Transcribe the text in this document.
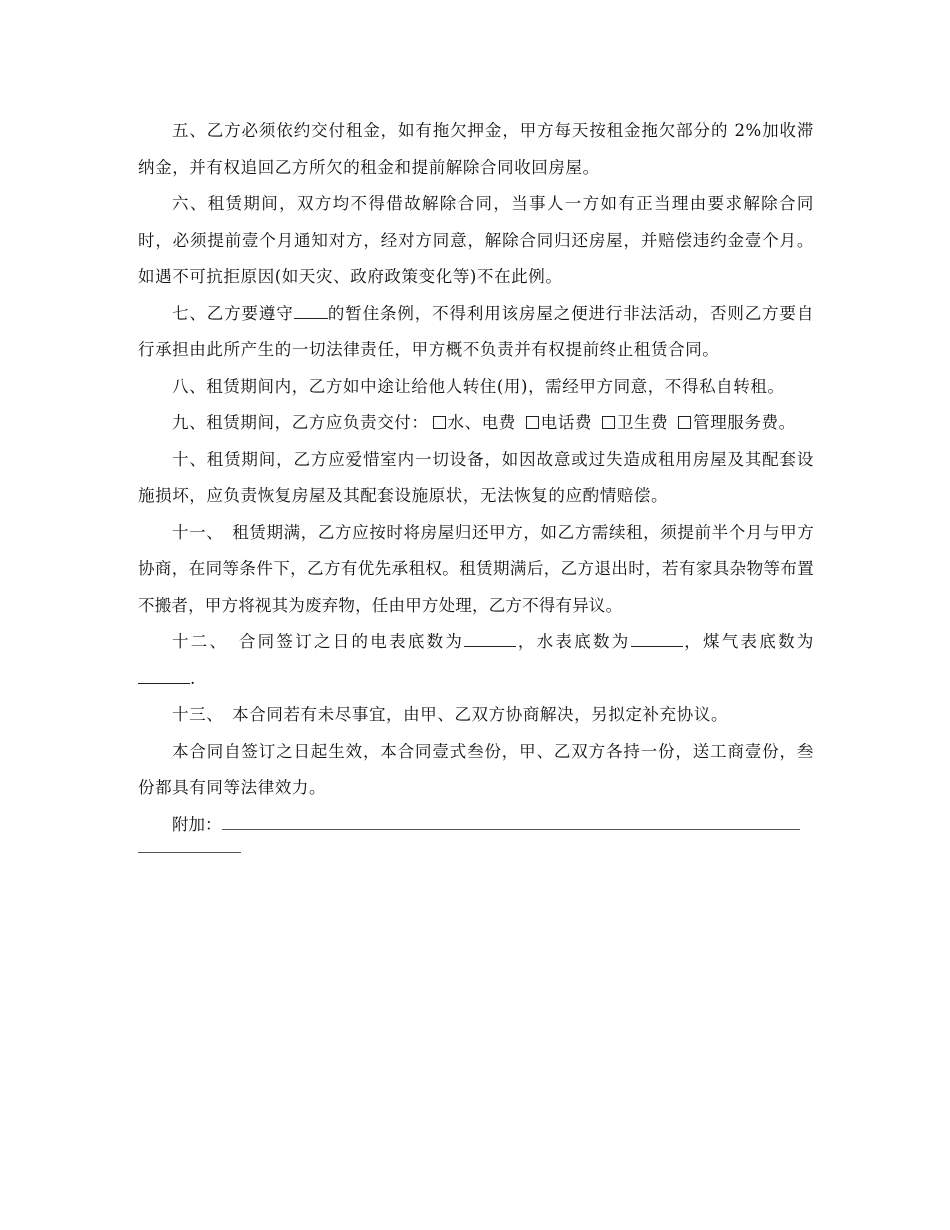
五、乙方必须依约交付租金，如有拖欠押金，甲方每天按租金拖欠部分的 2%加收滞纳金，并有权追回乙方所欠的租金和提前解除合同收回房屋。

六、租赁期间，双方均不得借故解除合同，当事人一方如有正当理由要求解除合同时，必须提前壹个月通知对方，经对方同意，解除合同归还房屋，并赔偿违约金壹个月。如遇不可抗拒原因(如天灾、政府政策变化等)不在此例。

七、乙方要遵守 的暂住条例，不得利用该房屋之便进行非法活动，否则乙方要自行承担由此所产生的一切法律责任，甲方概不负责并有权提前终止租赁合同。

八、租赁期间内，乙方如中途让给他人转住(用)，需经甲方同意，不得私自转租。

九、租赁期间，乙方应负责交付： 水、电费 电话费 卫生费 管理服务费。

十、租赁期间，乙方应爱惜室内一切设备，如因故意或过失造成租用房屋及其配套设施损坏，应负责恢复房屋及其配套设施原状，无法恢复的应酌情赔偿。

十一、　租赁期满，乙方应按时将房屋归还甲方，如乙方需续租，须提前半个月与甲方协商，在同等条件下，乙方有优先承租权。租赁期满后，乙方退出时，若有家具杂物等布置不搬者，甲方将视其为废弃物，任由甲方处理，乙方不得有异议。

十二、　合同签订之日的电表底数为	，水表底数为	，煤气表底数为.

十三、　本合同若有未尽事宜，由甲、乙双方协商解决，另拟定补充协议。

本合同自签订之日起生效，本合同壹式叁份，甲、乙双方各持一份，送工商壹份，叁份都具有同等法律效力。

附加：
